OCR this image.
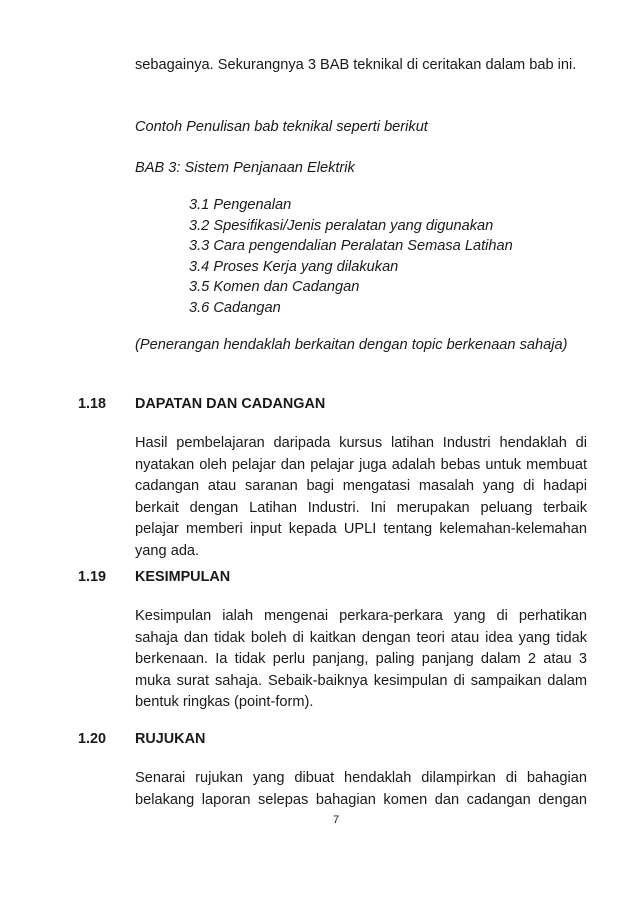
sebagainya. Sekurangnya 3 BAB teknikal di ceritakan dalam bab ini.
Contoh Penulisan bab teknikal seperti berikut
BAB 3: Sistem Penjanaan Elektrik
3.1 Pengenalan
3.2 Spesifikasi/Jenis peralatan yang digunakan
3.3 Cara pengendalian Peralatan Semasa Latihan
3.4 Proses Kerja yang dilakukan
3.5 Komen dan Cadangan
3.6 Cadangan
(Penerangan hendaklah berkaitan dengan topic berkenaan sahaja)
1.18 DAPATAN DAN CADANGAN
Hasil pembelajaran daripada kursus latihan Industri hendaklah di nyatakan oleh pelajar dan pelajar juga adalah bebas untuk membuat cadangan atau saranan bagi mengatasi masalah yang di hadapi berkait dengan Latihan Industri. Ini merupakan peluang terbaik pelajar memberi input kepada UPLI tentang kelemahan-kelemahan yang ada.
1.19 KESIMPULAN
Kesimpulan ialah mengenai perkara-perkara yang di perhatikan sahaja dan tidak boleh di kaitkan dengan teori atau idea yang tidak berkenaan. Ia tidak perlu panjang, paling panjang dalam 2 atau 3 muka surat sahaja. Sebaik-baiknya kesimpulan di sampaikan dalam bentuk ringkas (point-form).
1.20 RUJUKAN
Senarai rujukan yang dibuat hendaklah dilampirkan di bahagian belakang laporan selepas bahagian komen dan cadangan dengan
7
